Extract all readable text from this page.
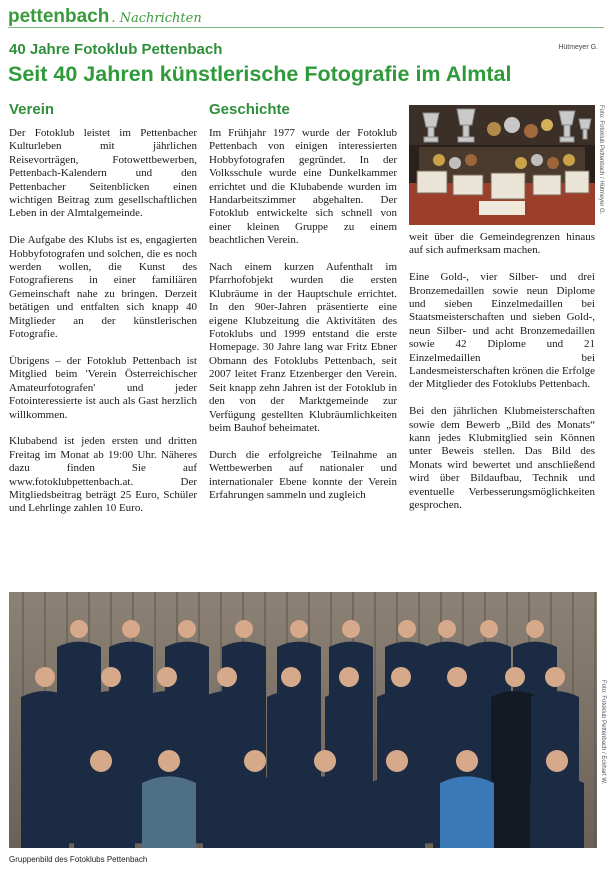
pettenbach . Nachrichten
40 Jahre Fotoklub Pettenbach	Hütmeyer G.
Seit 40 Jahren künstlerische Fotografie im Almtal
Verein

Der Fotoklub leistet im Pettenbacher Kulturleben mit jährlichen Reisevorträgen, Fotowettbewerben, Pettenbach-Kalendern und den Pettenbacher Seitenblicken einen wichtigen Beitrag zum gesellschaftlichen Leben in der Almtalgemeinde.

Die Aufgabe des Klubs ist es, engagierten Hobbyfotografen und solchen, die es noch werden wollen, die Kunst des Fotografierens in einer familiären Gemeinschaft nahe zu bringen. Derzeit betätigen und entfalten sich knapp 40 Mitglieder an der künstlerischen Fotografie.

Übrigens – der Fotoklub Pettenbach ist Mitglied beim 'Verein Österreichischer Amateurfotografen' und jeder Fotointeressierte ist auch als Gast herzlich willkommen.

Klubabend ist jeden ersten und dritten Freitag im Monat ab 19:00 Uhr. Näheres dazu finden Sie auf www.fotoklubpettenbach.at. Der Mitgliedsbeitrag beträgt 25 Euro, Schüler und Lehrlinge zahlen 10 Euro.

Geschichte

Im Frühjahr 1977 wurde der Fotoklub Pettenbach von einigen interessierten Hobbyfotografen gegründet. In der Volksschule wurde eine Dunkelkammer errichtet und die Klubabende wurden im Handarbeitszimmer abgehalten. Der Fotoklub entwickelte sich schnell von einer kleinen Gruppe zu einem beachtlichen Verein.

Nach einem kurzen Aufenthalt im Pfarrhofobjekt wurden die ersten Klubräume in der Hauptschule errichtet. In den 90er-Jahren präsentierte eine eigene Klubzeitung die Aktivitäten des Fotoklubs und 1999 entstand die erste Homepage. 30 Jahre lang war Fritz Ebner Obmann des Fotoklubs Pettenbach, seit 2007 leitet Franz Etzenberger den Verein. Seit knapp zehn Jahren ist der Fotoklub in den von der Marktgemeinde zur Verfügung gestellten Klubräumlichkeiten beim Bauhof beheimatet.

Durch die erfolgreiche Teilnahme an Wettbewerben auf nationaler und internationaler Ebene konnte der Verein Erfahrungen sammeln und zugleich

Foto: Fotoklub Pettenbach / Hütmeyer G.

weit über die Gemeindegrenzen hinaus auf sich aufmerksam machen.

Eine Gold-, vier Silber- und drei Bronzemedaillen sowie neun Diplome und sieben Einzelmedaillen bei Staatsmeisterschaften und sieben Gold-, neun Silber- und acht Bronzemedaillen sowie 42 Diplome und 21 Einzelmedaillen bei Landesmeisterschaften krönen die Erfolge der Mitglieder des Fotoklubs Pettenbach.

Bei den jährlichen Klubmeisterschaften sowie dem Bewerb „Bild des Monats“ kann jedes Klubmitglied sein Können unter Beweis stellen. Das Bild des Monats wird bewertet und anschließend wird über Bildaufbau, Technik und eventuelle Verbesserungsmöglichkeiten gesprochen.

Foto: Fotoklub Pettenbach / Eckhart W.
Gruppenbild des Fotoklubs Pettenbach
